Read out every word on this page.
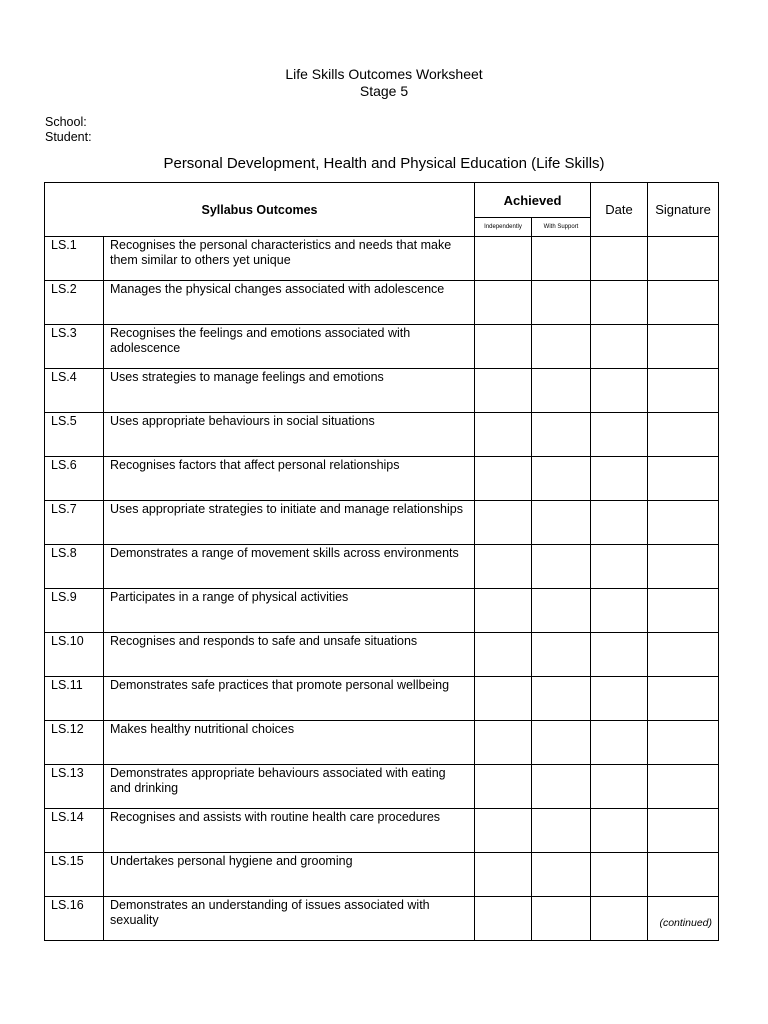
Life Skills Outcomes Worksheet
Stage 5
School:
Student:
Personal Development, Health and Physical Education (Life Skills)
Syllabus Outcomes		Achieved		Date	Signature
		Independently	With Support		
LS.1	Recognises the personal characteristics and needs that make them similar to others yet unique				
LS.2	Manages the physical changes associated with adolescence				
LS.3	Recognises the feelings and emotions associated with adolescence				
LS.4	Uses strategies to manage feelings and emotions				
LS.5	Uses appropriate behaviours in social situations				
LS.6	Recognises factors that affect personal relationships				
LS.7	Uses appropriate strategies to initiate and manage relationships				
LS.8	Demonstrates a range of movement skills across environments				
LS.9	Participates in a range of physical activities				
LS.10	Recognises and responds to safe and unsafe situations				
LS.11	Demonstrates safe practices that promote personal wellbeing				
LS.12	Makes healthy nutritional choices				
LS.13	Demonstrates appropriate behaviours associated with eating and drinking				
LS.14	Recognises and assists with routine health care procedures				
LS.15	Undertakes personal hygiene and grooming				
LS.16	Demonstrates an understanding of issues associated with sexuality					(continued)
